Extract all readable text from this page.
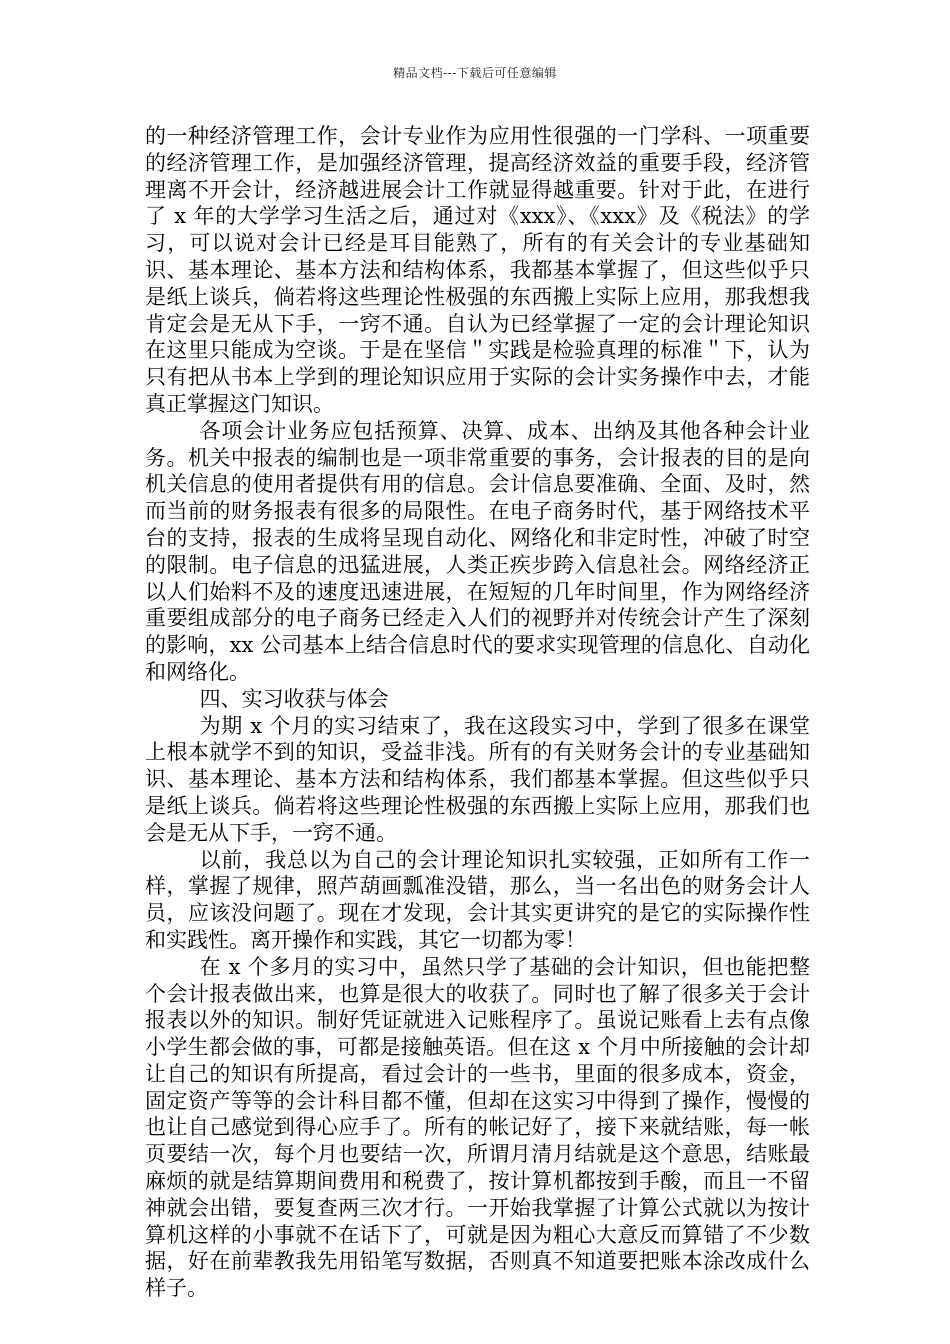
精品文档---下载后可任意编辑

的一种经济管理工作，会计专业作为应用性很强的一门学科、一项重要的经济管理工作，是加强经济管理，提高经济效益的重要手段，经济管理离不开会计，经济越进展会计工作就显得越重要。针对于此，在进行了 x 年的大学学习生活之后，通过对《xxx》、《xxx》及《税法》的学习，可以说对会计已经是耳目能熟了，所有的有关会计的专业基础知识、基本理论、基本方法和结构体系，我都基本掌握了，但这些似乎只是纸上谈兵，倘若将这些理论性极强的东西搬上实际上应用，那我想我肯定会是无从下手，一窍不通。自认为已经掌握了一定的会计理论知识在这里只能成为空谈。于是在坚信＂实践是检验真理的标准＂下，认为只有把从书本上学到的理论知识应用于实际的会计实务操作中去，才能真正掌握这门知识。

各项会计业务应包括预算、决算、成本、出纳及其他各种会计业务。机关中报表的编制也是一项非常重要的事务，会计报表的目的是向机关信息的使用者提供有用的信息。会计信息要准确、全面、及时，然而当前的财务报表有很多的局限性。在电子商务时代，基于网络技术平台的支持，报表的生成将呈现自动化、网络化和非定时性，冲破了时空的限制。电子信息的迅猛进展，人类正疾步跨入信息社会。网络经济正以人们始料不及的速度迅速进展，在短短的几年时间里，作为网络经济重要组成部分的电子商务已经走入人们的视野并对传统会计产生了深刻的影响，xx 公司基本上结合信息时代的要求实现管理的信息化、自动化和网络化。

四、实习收获与体会

为期 x 个月的实习结束了，我在这段实习中，学到了很多在课堂上根本就学不到的知识，受益非浅。所有的有关财务会计的专业基础知识、基本理论、基本方法和结构体系，我们都基本掌握。但这些似乎只是纸上谈兵。倘若将这些理论性极强的东西搬上实际上应用，那我们也会是无从下手，一窍不通。

以前，我总以为自己的会计理论知识扎实较强，正如所有工作一样，掌握了规律，照芦葫画瓢准没错，那么，当一名出色的财务会计人员，应该没问题了。现在才发现，会计其实更讲究的是它的实际操作性和实践性。离开操作和实践，其它一切都为零！

在 x 个多月的实习中，虽然只学了基础的会计知识，但也能把整个会计报表做出来，也算是很大的收获了。同时也了解了很多关于会计报表以外的知识。制好凭证就进入记账程序了。虽说记账看上去有点像小学生都会做的事，可都是接触英语。但在这 x 个月中所接触的会计却让自己的知识有所提高，看过会计的一些书，里面的很多成本，资金，固定资产等等的会计科目都不懂，但却在这实习中得到了操作，慢慢的也让自己感觉到得心应手了。所有的帐记好了，接下来就结账，每一帐页要结一次，每个月也要结一次，所谓月清月结就是这个意思，结账最麻烦的就是结算期间费用和税费了，按计算机都按到手酸，而且一不留神就会出错，要复查两三次才行。一开始我掌握了计算公式就以为按计算机这样的小事就不在话下了，可就是因为粗心大意反而算错了不少数据，好在前辈教我先用铅笔写数据，否则真不知道要把账本涂改成什么样子。
